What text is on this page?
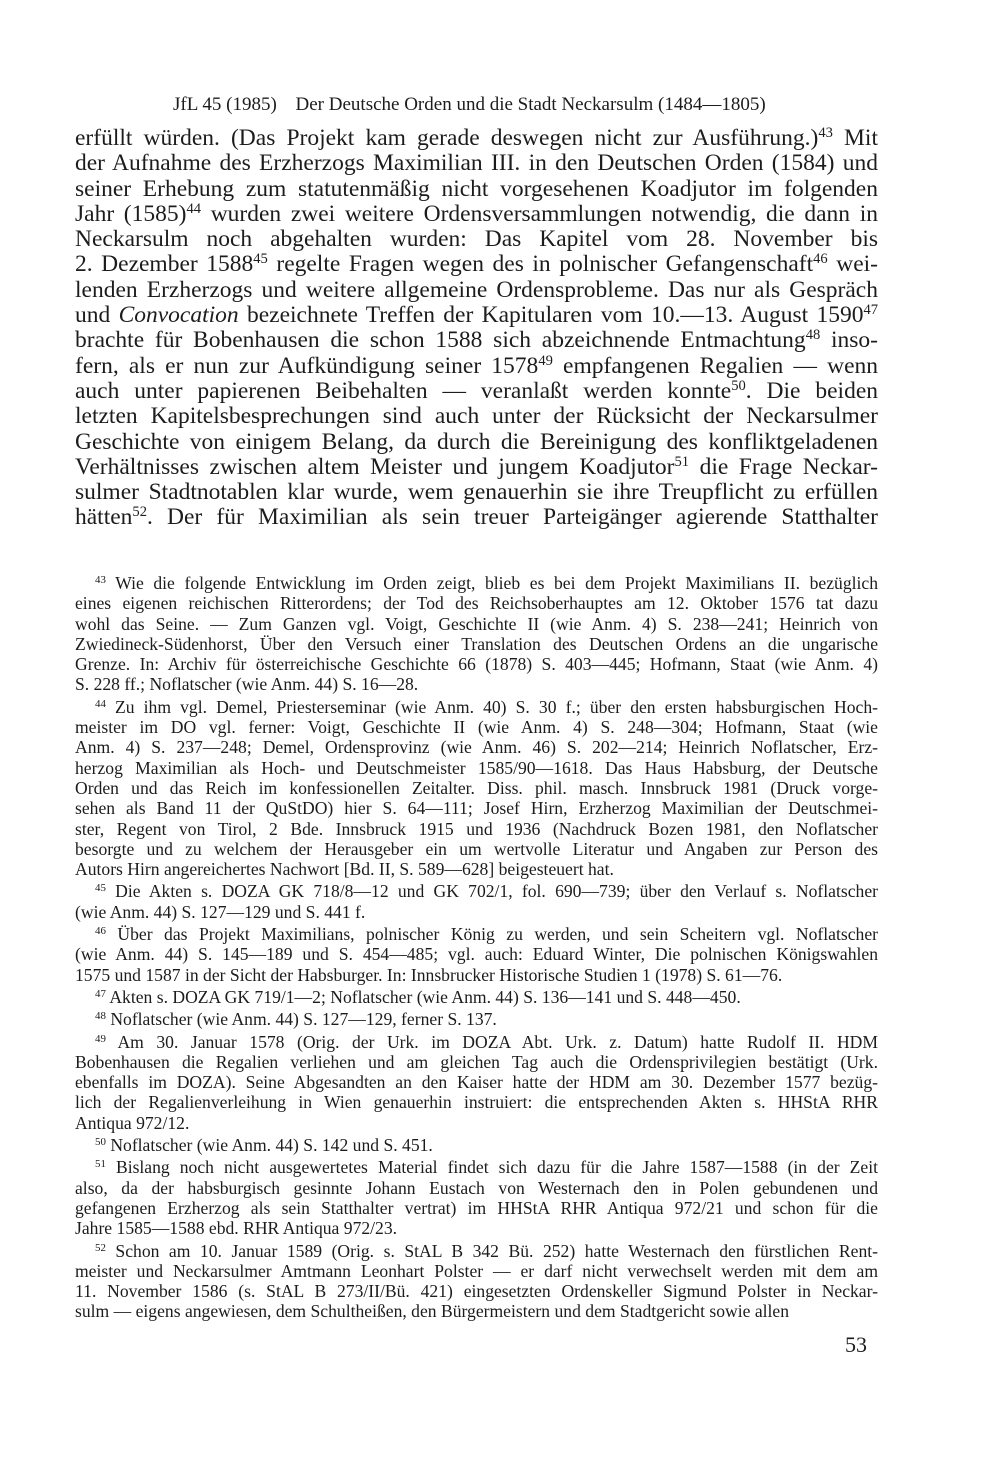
JfL 45 (1985) Der Deutsche Orden und die Stadt Neckarsulm (1484—1805)
erfüllt würden. (Das Projekt kam gerade deswegen nicht zur Ausführung.)$^{43}$ Mit
der Aufnahme des Erzherzogs Maximilian III. in den Deutschen Orden (1584) und
seiner Erhebung zum statutenmäßig nicht vorgesehenen Koadjutor im folgenden
Jahr $(1585)^{44}$ wurden zwei weitere Ordensversammlungen notwendig, die dann in
Neckarsulm noch abgehalten wurden: Das Kapitel vom 28. November bis
2. Dezember 1588$^{45}$ regelte Fragen wegen des in polnischer Gefangenschaft$^{46}$ wei-
lenden Erzherzogs und weitere allgemeine Ordensprobleme. Das nur als Gespräch
und Convocation bezeichnete Treffen der Kapitularen vom 10.—13. August 1590$^{47}$
brachte für Bobenhausen die schon 1588 sich abzeichnende Entmachtung$^{48}$ inso-
fern, als er nun zur Aufkündigung seiner 1578$^{49}$ empfangenen Regalien — wenn
auch unter papierenen Beibehalten — veranlaßt werden konnte$^{50}$. Die beiden
letzten Kapitelsbesprechungen sind auch unter der Rücksicht der Neckarsulmer
Geschichte von einigem Belang, da durch die Bereinigung des konfliktgeladenen
Verhältnisses zwischen altem Meister und jungem Koadjutor$^{51}$ die Frage Neckar-
sulmer Stadtnotablen klar wurde, wem genauerhin sie ihre Treupflicht zu erfüllen
hätten$^{52}$. Der für Maximilian als sein treuer Parteigänger agierende Statthalter
$^{43}$ Wie die folgende Entwicklung im Orden zeigt, blieb es bei dem Projekt Maximilians II. bezüglich
eines eigenen reichischen Ritterordens; der Tod des Reichsoberhauptes am 12. Oktober 1576 tat dazu
wohl das Seine. — Zum Ganzen vgl. Voigt, Geschichte II (wie Anm. 4) S. 238—241; Heinrich von
Zwiedineck-Südenhorst, Über den Versuch einer Translation des Deutschen Ordens an die ungarische
Grenze. In: Archiv für österreichische Geschichte 66 (1878) S. 403—445; Hofmann, Staat (wie Anm. 4)
S. 228 ff.; Noflatscher (wie Anm. 44) S. 16—28.
$^{44}$ Zu ihm vgl. Demel, Priesterseminar (wie Anm. 40) S. 30 f.; über den ersten habsburgischen Hoch-
meister im DO vgl. ferner: Voigt, Geschichte II (wie Anm. 4) S. 248—304; Hofmann, Staat (wie
Anm. 4) S. 237—248; Demel, Ordensprovinz (wie Anm. 46) S. 202—214; Heinrich Noflatscher, Erz-
herzog Maximilian als Hoch- und Deutschmeister 1585/90—1618. Das Haus Habsburg, der Deutsche
Orden und das Reich im konfessionellen Zeitalter. Diss. phil. masch. Innsbruck 1981 (Druck vorge-
sehen als Band 11 der QuStDO) hier S. 64—111; Josef Hirn, Erzherzog Maximilian der Deutschmei-
ster, Regent von Tirol, 2 Bde. Innsbruck 1915 und 1936 (Nachdruck Bozen 1981, den Noflatscher
besorgte und zu welchem der Herausgeber ein um wertvolle Literatur und Angaben zur Person des
Autors Hirn angereichertes Nachwort [Bd. II, S. 589—628] beigesteuert hat.
$^{45}$ Die Akten s. DOZA GK 718/8—12 und GK 702/1, fol. 690—739; über den Verlauf s. Noflatscher
(wie Anm. 44) S. 127—129 und S. 441 f.
$^{46}$ Über das Projekt Maximilians, polnischer König zu werden, und sein Scheitern vgl. Noflatscher
(wie Anm. 44) S. 145—189 und S. 454—485; vgl. auch: Eduard Winter, Die polnischen Königswahlen
1575 und 1587 in der Sicht der Habsburger. In: Innsbrucker Historische Studien 1 (1978) S. 61—76.
$^{47}$ Akten s. DOZA GK 719/1—2; Noflatscher (wie Anm. 44) S. 136—141 und S. 448—450.
$^{48}$ Noflatscher (wie Anm. 44) S. 127—129, ferner S. 137.
$^{49}$ Am 30. Januar 1578 (Orig. der Urk. im DOZA Abt. Urk. z. Datum) hatte Rudolf II. HDM
Bobenhausen die Regalien verliehen und am gleichen Tag auch die Ordensprivilegien bestätigt (Urk.
ebenfalls im DOZA). Seine Abgesandten an den Kaiser hatte der HDM am 30. Dezember 1577 bezüg-
lich der Regalienverleihung in Wien genauerhin instruiert: die entsprechenden Akten s. HHStA RHR
Antiqua 972/12.
$^{50}$ Noflatscher (wie Anm. 44) S. 142 und S. 451.
$^{51}$ Bislang noch nicht ausgewertetes Material findet sich dazu für die Jahre 1587—1588 (in der Zeit
also, da der habsburgisch gesinnte Johann Eustach von Westernach den in Polen gebundenen und
gefangenen Erzherzog als sein Statthalter vertrat) im HHStA RHR Antiqua 972/21 und schon für die
Jahre 1585—1588 ebd. RHR Antiqua 972/23.
$^{52}$ Schon am 10. Januar 1589 (Orig. s. StAL B 342 Bü. 252) hatte Westernach den fürstlichen Rent-
meister und Neckarsulmer Amtmann Leonhart Polster — er darf nicht verwechselt werden mit dem am
11. November 1586 (s. StAL B 273/II/Bü. 421) eingesetzten Ordenskeller Sigmund Polster in Neckar-
sulm — eigens angewiesen, dem Schultheißen, den Bürgermeistern und dem Stadtgericht sowie allen
53
